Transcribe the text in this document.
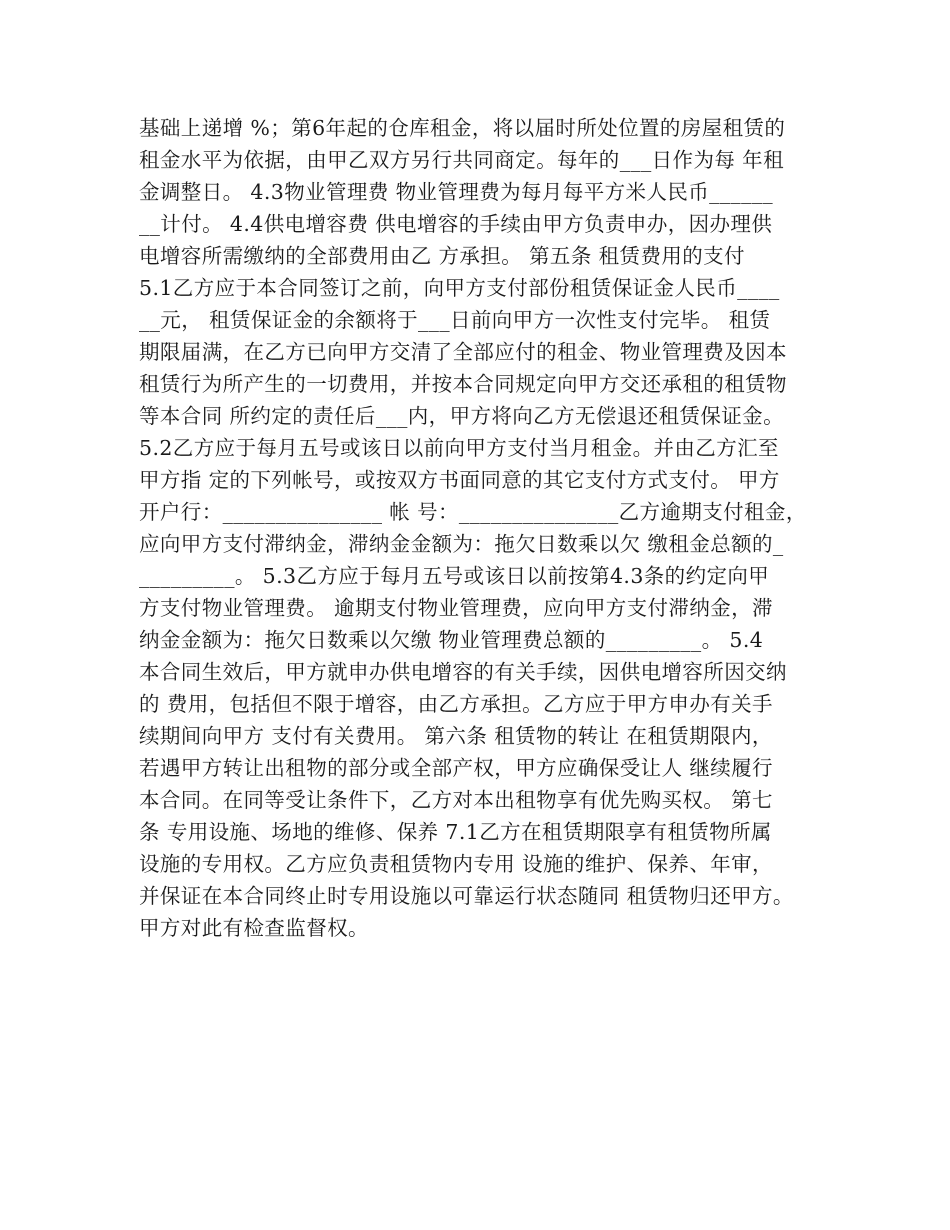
基础上递增 %；第6年起的仓库租金，将以届时所处位置的房屋租赁的
租金水平为依据，由甲乙双方另行共同商定。每年的___日作为每 年租
金调整日。 4.3物业管理费 物业管理费为每月每平方米人民币______
__计付。 4.4供电增容费 供电增容的手续由甲方负责申办，因办理供
电增容所需缴纳的全部费用由乙 方承担。 第五条 租赁费用的支付
5.1乙方应于本合同签订之前，向甲方支付部份租赁保证金人民币____
__元， 租赁保证金的余额将于___日前向甲方一次性支付完毕。 租赁
期限届满，在乙方已向甲方交清了全部应付的租金、物业管理费及因本
租赁行为所产生的一切费用，并按本合同规定向甲方交还承租的租赁物
等本合同 所约定的责任后___内，甲方将向乙方无偿退还租赁保证金。
5.2乙方应于每月五号或该日以前向甲方支付当月租金。并由乙方汇至
甲方指 定的下列帐号，或按双方书面同意的其它支付方式支付。 甲方
开户行：_______________ 帐 号：_______________乙方逾期支付租金，
应向甲方支付滞纳金，滞纳金金额为：拖欠日数乘以欠 缴租金总额的_
_________。 5.3乙方应于每月五号或该日以前按第4.3条的约定向甲
方支付物业管理费。 逾期支付物业管理费，应向甲方支付滞纳金，滞
纳金金额为：拖欠日数乘以欠缴 物业管理费总额的_________。 5.4
本合同生效后，甲方就申办供电增容的有关手续，因供电增容所因交纳
的 费用，包括但不限于增容，由乙方承担。乙方应于甲方申办有关手
续期间向甲方 支付有关费用。 第六条 租赁物的转让 在租赁期限内，
若遇甲方转让出租物的部分或全部产权，甲方应确保受让人 继续履行
本合同。在同等受让条件下，乙方对本出租物享有优先购买权。 第七
条 专用设施、场地的维修、保养 7.1乙方在租赁期限享有租赁物所属
设施的专用权。乙方应负责租赁物内专用 设施的维护、保养、年审，
并保证在本合同终止时专用设施以可靠运行状态随同 租赁物归还甲方。
甲方对此有检查监督权。
